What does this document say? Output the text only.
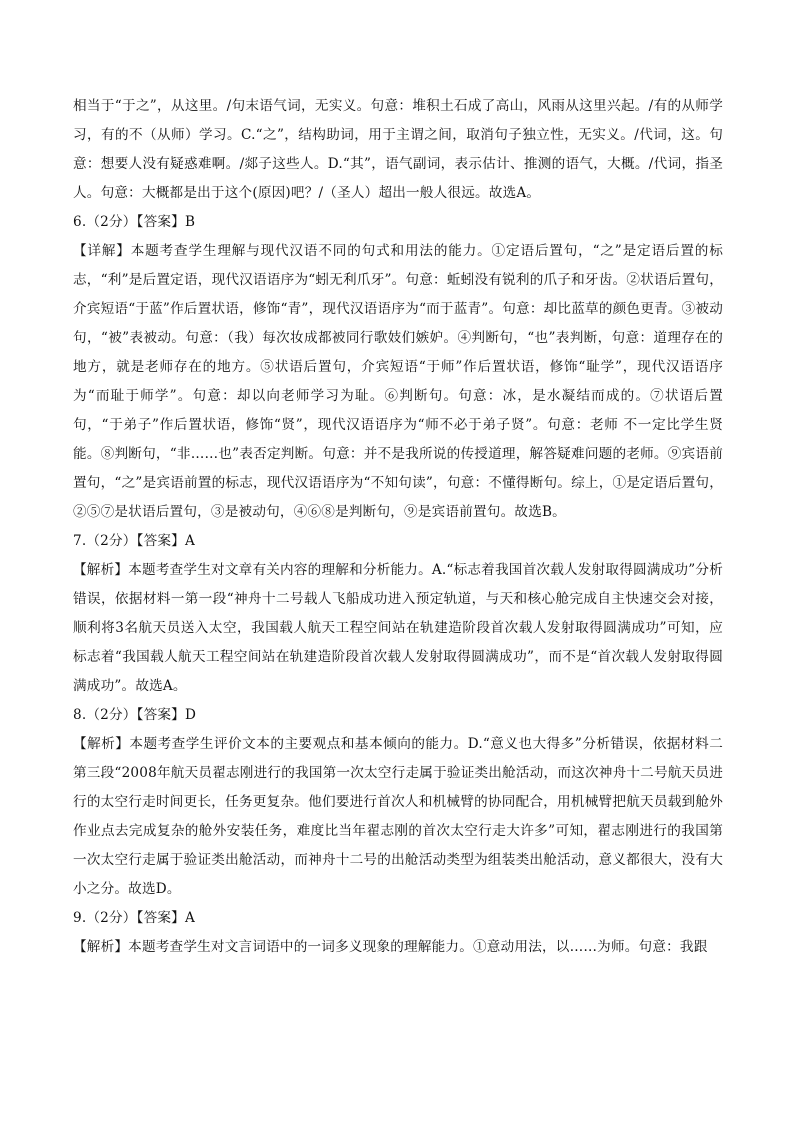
相当于“于之”，从这里。/句末语气词，无实义。句意：堆积土石成了高山，风雨从这里兴起。/有的从师学习，有的不（从师）学习。C.“之”，结构助词，用于主谓之间，取消句子独立性，无实义。/代词，这。句意：想要人没有疑惑难啊。/郯子这些人。D.“其”，语气副词，表示估计、推测的语气，大概。/代词，指圣人。句意：大概都是出于这个(原因)吧？/（圣人）超出一般人很远。故选A。

6.（2分）【答案】B

【详解】本题考查学生理解与现代汉语不同的句式和用法的能力。①定语后置句，“之”是定语后置的标志，“利”是后置定语，现代汉语语序为“蚓无利爪牙”。句意：蚯蚓没有锐利的爪子和牙齿。②状语后置句，介宾短语“于蓝”作后置状语，修饰“青”，现代汉语语序为“而于蓝青”。句意：却比蓝草的颜色更青。③被动句，“被”表被动。句意：（我）每次妆成都被同行歌妓们嫉妒。④判断句，“也”表判断，句意：道理存在的地方，就是老师存在的地方。⑤状语后置句，介宾短语“于师”作后置状语，修饰“耻学”，现代汉语语序为“而耻于师学”。句意：却以向老师学习为耻。⑥判断句。句意：冰，是水凝结而成的。⑦状语后置句，“于弟子”作后置状语，修饰“贤”，现代汉语语序为“师不必于弟子贤”。句意：老师 不一定比学生贤能。⑧判断句，“非……也”表否定判断。句意：并不是我所说的传授道理，解答疑难问题的老师。⑨宾语前置句，“之”是宾语前置的标志，现代汉语语序为“不知句读”，句意：不懂得断句。综上，①是定语后置句，②⑤⑦是状语后置句，③是被动句，④⑥⑧是判断句，⑨是宾语前置句。故选B。

7.（2分）【答案】A

【解析】本题考查学生对文章有关内容的理解和分析能力。A.“标志着我国首次载人发射取得圆满成功”分析错误，依据材料一第一段“神舟十二号载人飞船成功进入预定轨道，与天和核心舱完成自主快速交会对接，顺利将3名航天员送入太空，我国载人航天工程空间站在轨建造阶段首次载人发射取得圆满成功”可知，应标志着“我国载人航天工程空间站在轨建造阶段首次载人发射取得圆满成功”，而不是“首次载人发射取得圆满成功”。故选A。

8.（2分）【答案】D

【解析】本题考查学生评价文本的主要观点和基本倾向的能力。D.“意义也大得多”分析错误，依据材料二第三段“2008年航天员翟志刚进行的我国第一次太空行走属于验证类出舱活动，而这次神舟十二号航天员进行的太空行走时间更长，任务更复杂。他们要进行首次人和机械臂的协同配合，用机械臂把航天员载到舱外作业点去完成复杂的舱外安装任务，难度比当年翟志刚的首次太空行走大许多”可知，翟志刚进行的我国第一次太空行走属于验证类出舱活动，而神舟十二号的出舱活动类型为组装类出舱活动，意义都很大，没有大小之分。故选D。

9.（2分）【答案】A

【解析】本题考查学生对文言词语中的一词多义现象的理解能力。①意动用法，以……为师。句意：我跟
